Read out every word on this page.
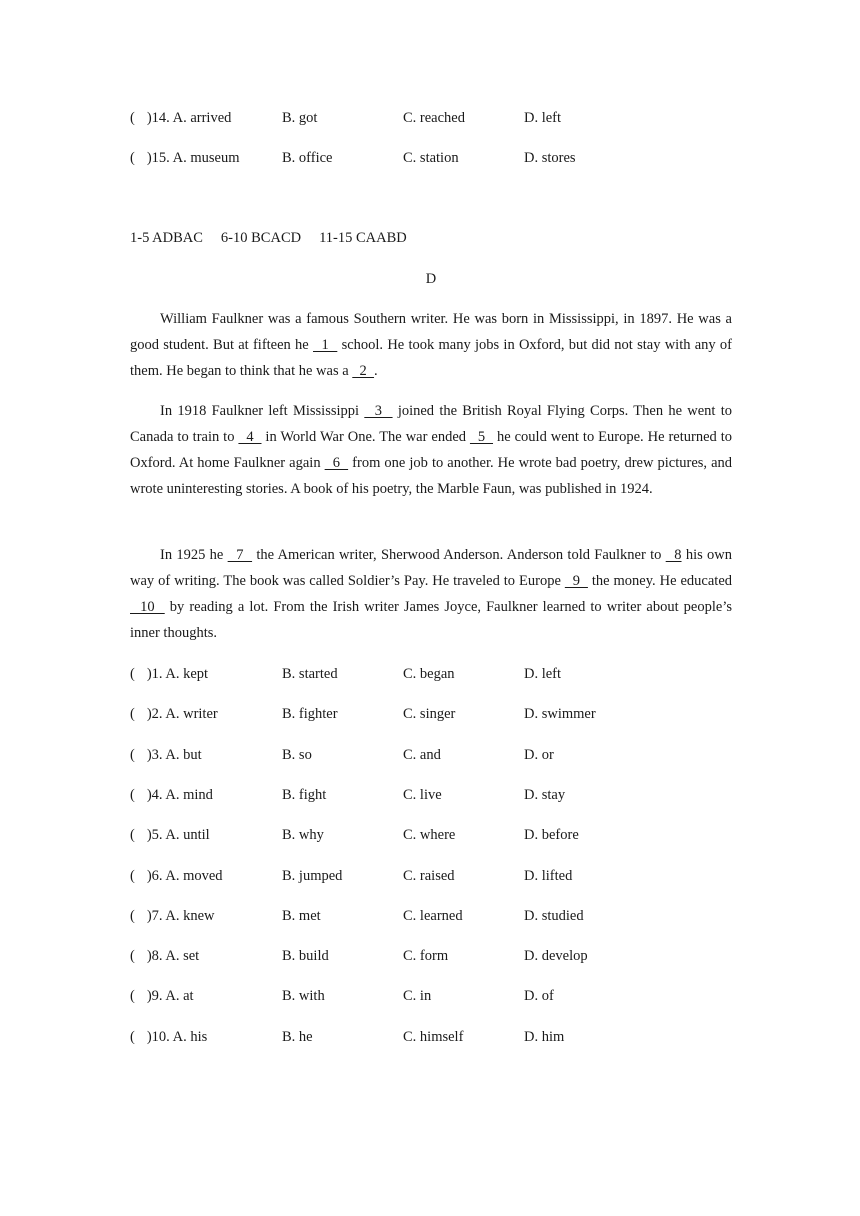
( )14. A. arrived	B. got	C. reached	D. left
( )15. A. museum	B. office	C. station	D. stores
1-5 ADBAC 6-10 BCACD 11-15 CAABD
D

William Faulkner was a famous Southern writer. He was born in Mississippi, in 1897. He was a good student. But at fifteen he   1   school. He took many jobs in Oxford, but did not stay with any of them. He began to think that he was a   2  .

In 1918 Faulkner left Mississippi   3   joined the British Royal Flying Corps. Then he went to Canada to train to   4   in World War One. The war ended   5   he could went to Europe. He returned to Oxford. At home Faulkner again   6   from one job to another. He wrote bad poetry, drew pictures, and wrote uninteresting stories. A book of his poetry, the Marble Faun, was published in 1924.

In 1925 he   7   the American writer, Sherwood Anderson. Anderson told Faulkner to   8 his own way of writing. The book was called Soldier’s Pay. He traveled to Europe   9   the money. He educated   10   by reading a lot. From the Irish writer James Joyce, Faulkner learned to writer about people’s inner thoughts.

( )1. A. kept	B. started	C. began	D. left
( )2. A. writer	B. fighter	C. singer	D. swimmer
( )3. A. but	B. so	C. and	D. or
( )4. A. mind	B. fight	C. live	D. stay
( )5. A. until	B. why	C. where	D. before
( )6. A. moved	B. jumped	C. raised	D. lifted
( )7. A. knew	B. met	C. learned	D. studied
( )8. A. set	B. build	C. form	D. develop
( )9. A. at	B. with	C. in	D. of
( )10. A. his	B. he	C. himself	D. him
